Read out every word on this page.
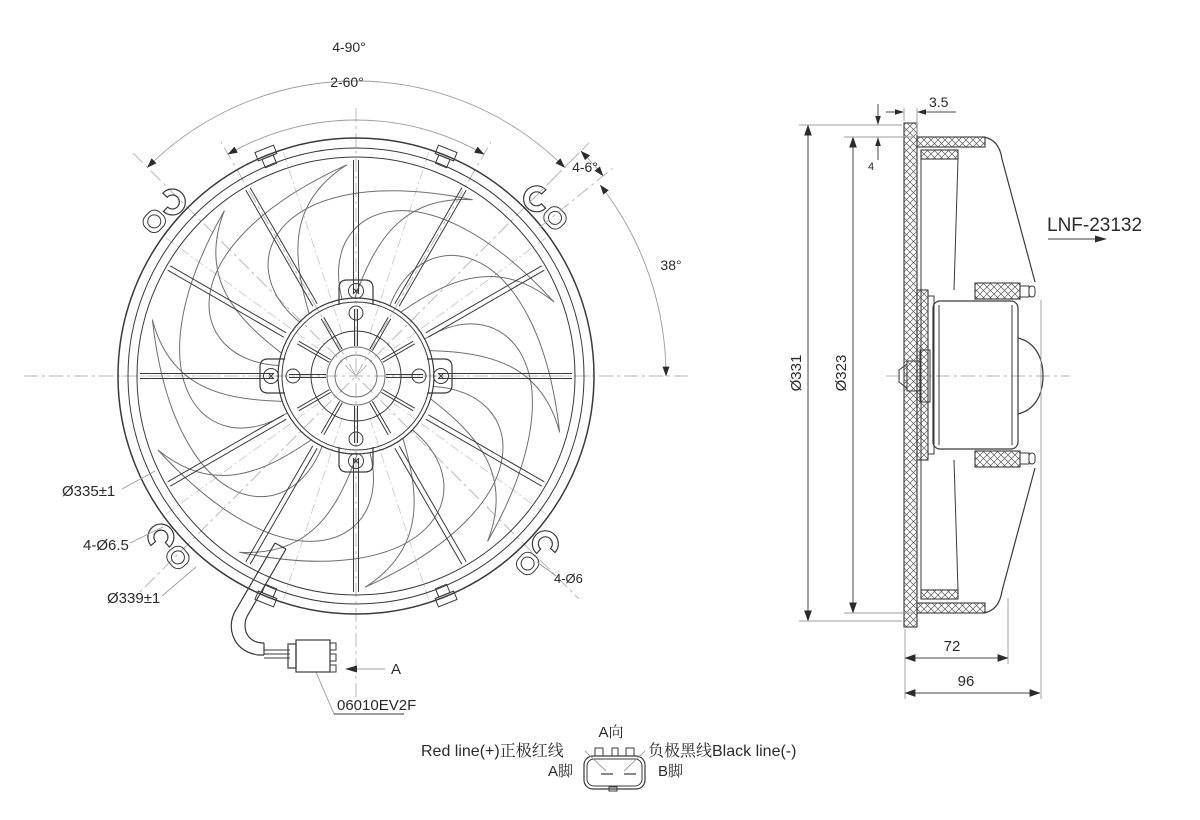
4-90°
2-60°
4-6°
38°
Ø335±1
4-Ø6.5
Ø339±1
4-Ø6
06010EV2F
A
3.5
4
Ø331 Ø323
72
96
LNF-23132
A向
Red line(+)正极红线	负极黑线Black line(-)
A脚	B脚
